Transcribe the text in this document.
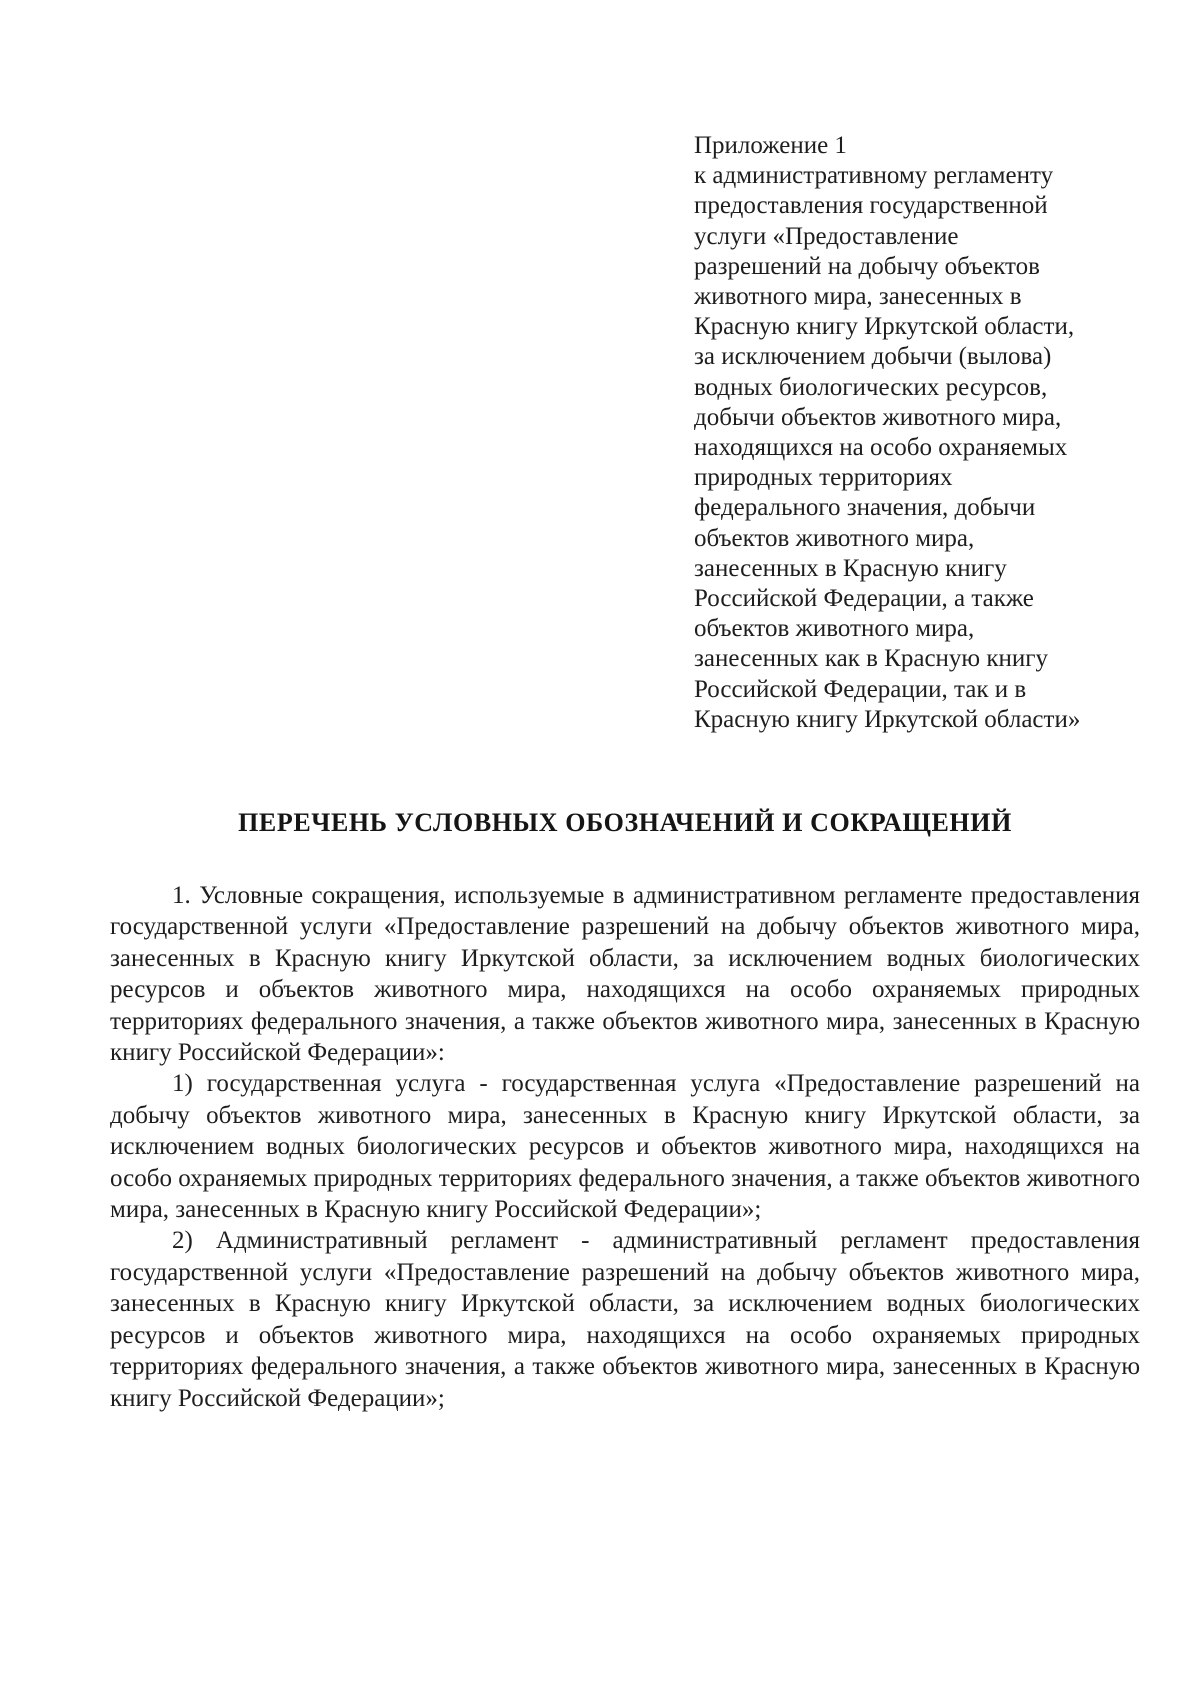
Приложение 1
к административному регламенту
предоставления государственной
услуги «Предоставление
разрешений на добычу объектов
животного мира, занесенных в
Красную книгу Иркутской области,
за исключением добычи (вылова)
водных биологических ресурсов,
добычи объектов животного мира,
находящихся на особо охраняемых
природных территориях
федерального значения, добычи
объектов животного мира,
занесенных в Красную книгу
Российской Федерации, а также
объектов животного мира,
занесенных как в Красную книгу
Российской Федерации, так и в
Красную книгу Иркутской области»
ПЕРЕЧЕНЬ УСЛОВНЫХ ОБОЗНАЧЕНИЙ И СОКРАЩЕНИЙ

1. Условные сокращения, используемые в административном регламенте предоставления государственной услуги «Предоставление разрешений на добычу объектов животного мира, занесенных в Красную книгу Иркутской области, за исключением водных биологических ресурсов и объектов животного мира, находящихся на особо охраняемых природных территориях федерального значения, а также объектов животного мира, занесенных в Красную книгу Российской Федерации»:

1) государственная услуга - государственная услуга «Предоставление разрешений на добычу объектов животного мира, занесенных в Красную книгу Иркутской области, за исключением водных биологических ресурсов и объектов животного мира, находящихся на особо охраняемых природных территориях федерального значения, а также объектов животного мира, занесенных в Красную книгу Российской Федерации»;

2) Административный регламент - административный регламент предоставления государственной услуги «Предоставление разрешений на добычу объектов животного мира, занесенных в Красную книгу Иркутской области, за исключением водных биологических ресурсов и объектов животного мира, находящихся на особо охраняемых природных территориях федерального значения, а также объектов животного мира, занесенных в Красную книгу Российской Федерации»;
